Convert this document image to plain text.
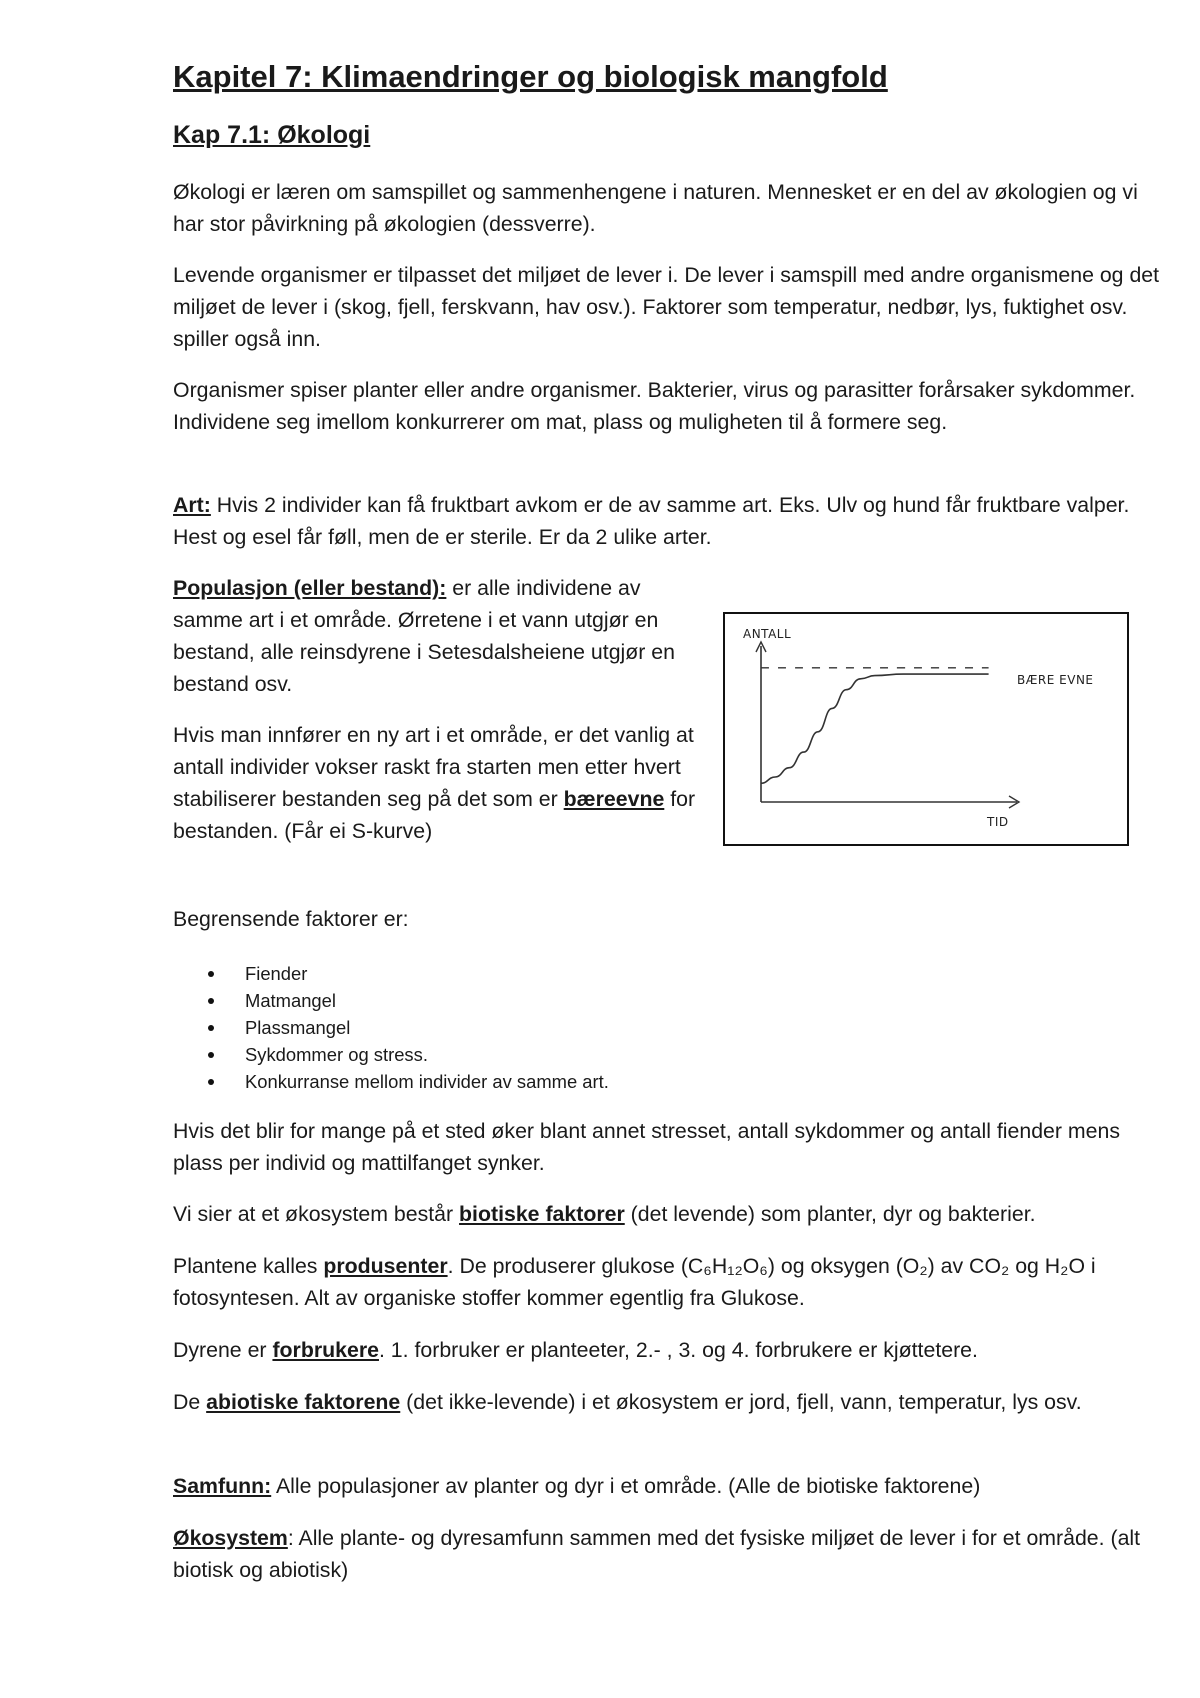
Kapitel 7: Klimaendringer og biologisk mangfold
Kap 7.1: Økologi

Økologi er læren om samspillet og sammenhengene i naturen. Mennesket er en del av økologien og vi har stor påvirkning på økologien (dessverre).

Levende organismer er tilpasset det miljøet de lever i. De lever i samspill med andre organismene og det miljøet de lever i (skog, fjell, ferskvann, hav osv.). Faktorer som temperatur, nedbør, lys, fuktighet osv. spiller også inn.

Organismer spiser planter eller andre organismer. Bakterier, virus og parasitter forårsaker sykdommer. Individene seg imellom konkurrerer om mat, plass og muligheten til å formere seg.

Art: Hvis 2 individer kan få fruktbart avkom er de av samme art. Eks. Ulv og hund får fruktbare valper. Hest og esel får føll, men de er sterile. Er da 2 ulike arter.

Populasjon (eller bestand): er alle individene av samme art i et område. Ørretene i et vann utgjør en bestand, alle reinsdyrene i Setesdalsheiene utgjør en bestand osv.

Hvis man innfører en ny art i et område, er det vanlig at antall individer vokser raskt fra starten men etter hvert stabiliserer bestanden seg på det som er bæreevne for bestanden. (Får ei S-kurve)

Begrensende faktorer er:

Fiender
Matmangel
Plassmangel
Sykdommer og stress.
Konkurranse mellom individer av samme art.

Hvis det blir for mange på et sted øker blant annet stresset, antall sykdommer og antall fiender mens plass per individ og mattilfanget synker.

Vi sier at et økosystem består biotiske faktorer (det levende) som planter, dyr og bakterier.

Plantene kalles produsenter. De produserer glukose (C₆H₁₂O₆) og oksygen (O₂) av CO₂ og H₂O i fotosyntesen. Alt av organiske stoffer kommer egentlig fra Glukose.

Dyrene er forbrukere. 1. forbruker er planteeter, 2.- , 3. og 4. forbrukere er kjøttetere.

De abiotiske faktorene (det ikke-levende) i et økosystem er jord, fjell, vann, temperatur, lys osv.

Samfunn: Alle populasjoner av planter og dyr i et område. (Alle de biotiske faktorene)

Økosystem: Alle plante- og dyresamfunn sammen med det fysiske miljøet de lever i for et område. (alt biotisk og abiotisk)

ANTALL
TID
BÆRE EVNE
